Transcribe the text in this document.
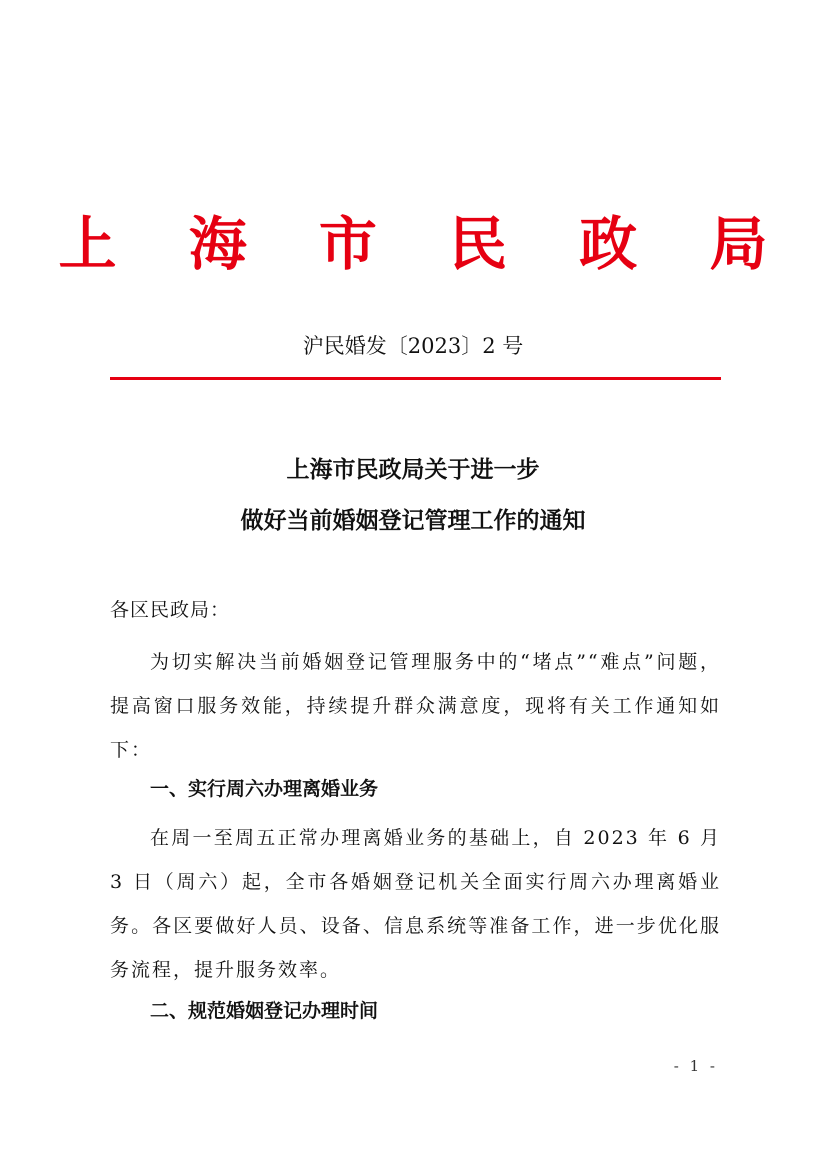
上 海 市 民 政 局
沪民婚发〔2023〕2 号
上海市民政局关于进一步
做好当前婚姻登记管理工作的通知
各区民政局：
为切实解决当前婚姻登记管理服务中的“堵点”“难点”问题，提高窗口服务效能，持续提升群众满意度，现将有关工作通知如下：
一、实行周六办理离婚业务
在周一至周五正常办理离婚业务的基础上，自 2023 年 6 月 3 日（周六）起，全市各婚姻登记机关全面实行周六办理离婚业务。各区要做好人员、设备、信息系统等准备工作，进一步优化服务流程，提升服务效率。
二、规范婚姻登记办理时间
- 1 -
